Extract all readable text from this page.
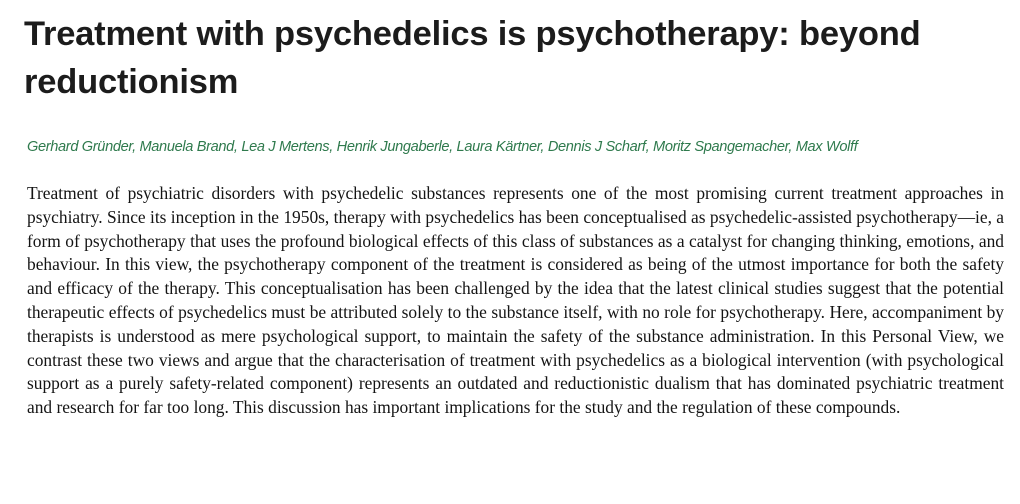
Treatment with psychedelics is psychotherapy: beyond reductionism
Gerhard Gründer, Manuela Brand, Lea J Mertens, Henrik Jungaberle, Laura Kärtner, Dennis J Scharf, Moritz Spangemacher, Max Wolff

Treatment of psychiatric disorders with psychedelic substances represents one of the most promising current treatment approaches in psychiatry. Since its inception in the 1950s, therapy with psychedelics has been conceptualised as psychedelic-assisted psychotherapy—ie, a form of psychotherapy that uses the profound biological effects of this class of substances as a catalyst for changing thinking, emotions, and behaviour. In this view, the psychotherapy component of the treatment is considered as being of the utmost importance for both the safety and efficacy of the therapy. This conceptualisation has been challenged by the idea that the latest clinical studies suggest that the potential therapeutic effects of psychedelics must be attributed solely to the substance itself, with no role for psychotherapy. Here, accompaniment by therapists is understood as mere psychological support, to maintain the safety of the substance administration. In this Personal View, we contrast these two views and argue that the characterisation of treatment with psychedelics as a biological intervention (with psychological support as a purely safety-related component) represents an outdated and reductionistic dualism that has dominated psychiatric treatment and research for far too long. This discussion has important implications for the study and the regulation of these compounds.
